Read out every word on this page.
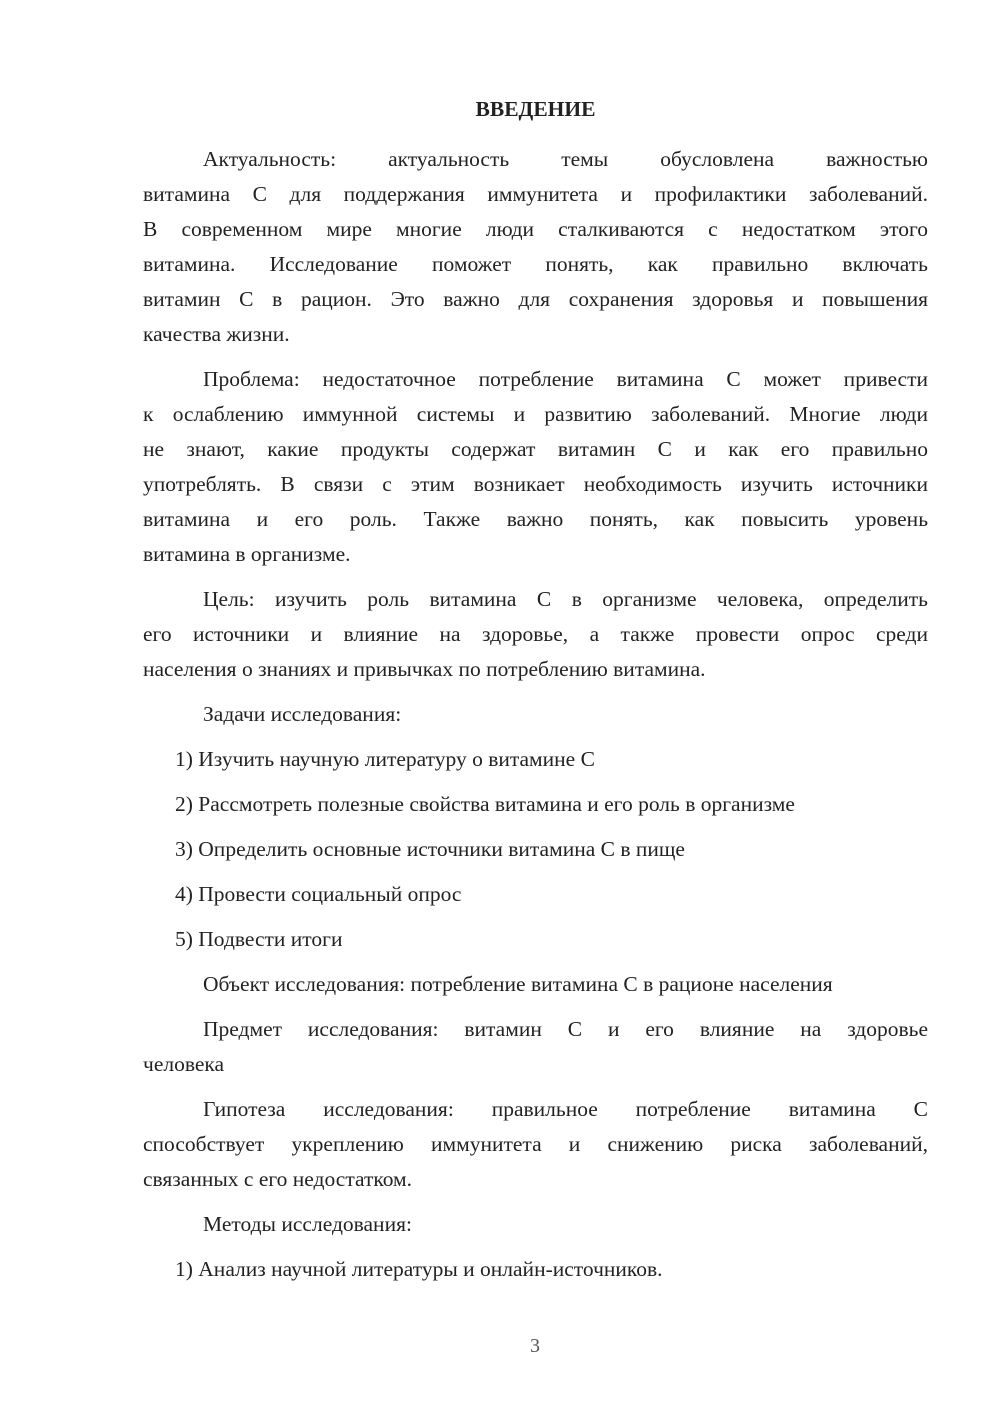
ВВЕДЕНИЕ
Актуальность: актуальность темы обусловлена важностью
витамина С для поддержания иммунитета и профилактики заболеваний.
В современном мире многие люди сталкиваются с недостатком этого
витамина. Исследование поможет понять, как правильно включать
витамин С в рацион. Это важно для сохранения здоровья и повышения
качества жизни.
Проблема: недостаточное потребление витамина С может привести
к ослаблению иммунной системы и развитию заболеваний. Многие люди
не знают, какие продукты содержат витамин С и как его правильно
употреблять. В связи с этим возникает необходимость изучить источники
витамина и его роль. Также важно понять, как повысить уровень
витамина в организме.
Цель: изучить роль витамина С в организме человека, определить
его источники и влияние на здоровье, а также провести опрос среди
населения о знаниях и привычках по потреблению витамина.
Задачи исследования:
1) Изучить научную литературу о витамине С
2) Рассмотреть полезные свойства витамина и его роль в организме
3) Определить основные источники витамина С в пище
4) Провести социальный опрос
5) Подвести итоги
Объект исследования: потребление витамина С в рационе населения
Предмет исследования: витамин С и его влияние на здоровье
человека
Гипотеза исследования: правильное потребление витамина С
способствует укреплению иммунитета и снижению риска заболеваний,
связанных с его недостатком.
Методы исследования:
1) Анализ научной литературы и онлайн-источников.
3
